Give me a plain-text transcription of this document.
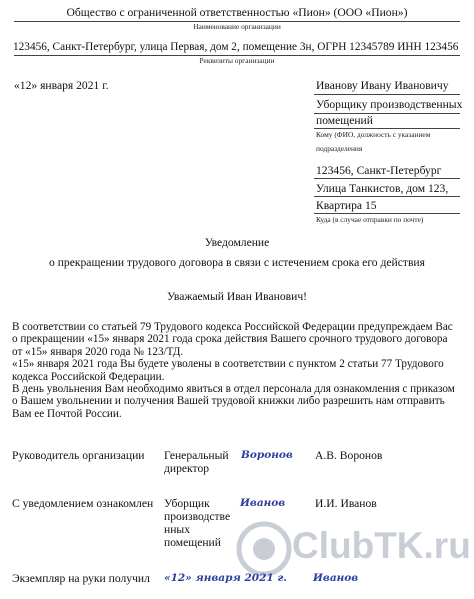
Общество с ограниченной ответственностью «Пион» (ООО «Пион»)
Наименование организации
123456, Санкт-Петербург, улица Первая, дом 2, помещение 3н, ОГРН 12345789 ИНН 123456
Реквизиты организации
«12» января 2021 г.	Иванову Ивану Ивановичу
Уборщику производственных
помещений
Кому (ФИО, должность с указанием
подразделения
123456, Санкт-Петербург
Улица Танкистов, дом 123,
Квартира 15
Куда (в случае отправки по почте)
Уведомление
о прекращении трудового договора в связи с истечением срока его действия
Уважаемый Иван Иванович!
В соответствии со статьей 79 Трудового кодекса Российской Федерации предупреждаем Вас
о прекращении «15» января 2021 года срока действия Вашего срочного трудового договора
от «15» января 2020 года № 123/ТД.
«15» января 2021 года Вы будете уволены в соответствии с пунктом 2 статьи 77 Трудового
кодекса Российской Федерации.
В день увольнения Вам необходимо явиться в отдел персонала для ознакомления с приказом
о Вашем увольнении и получения Вашей трудовой книжки либо разрешить нам отправить
Вам ее Почтой России.
Руководитель организации Генеральный
директор
Воронов А.В. Воронов
С уведомлением ознакомлен Уборщик
производстве
нных
помещений
Иванов	И.И. Иванов
ClubTK.ru
Экземпляр на руки получил «12» января 2021 г. Иванов
